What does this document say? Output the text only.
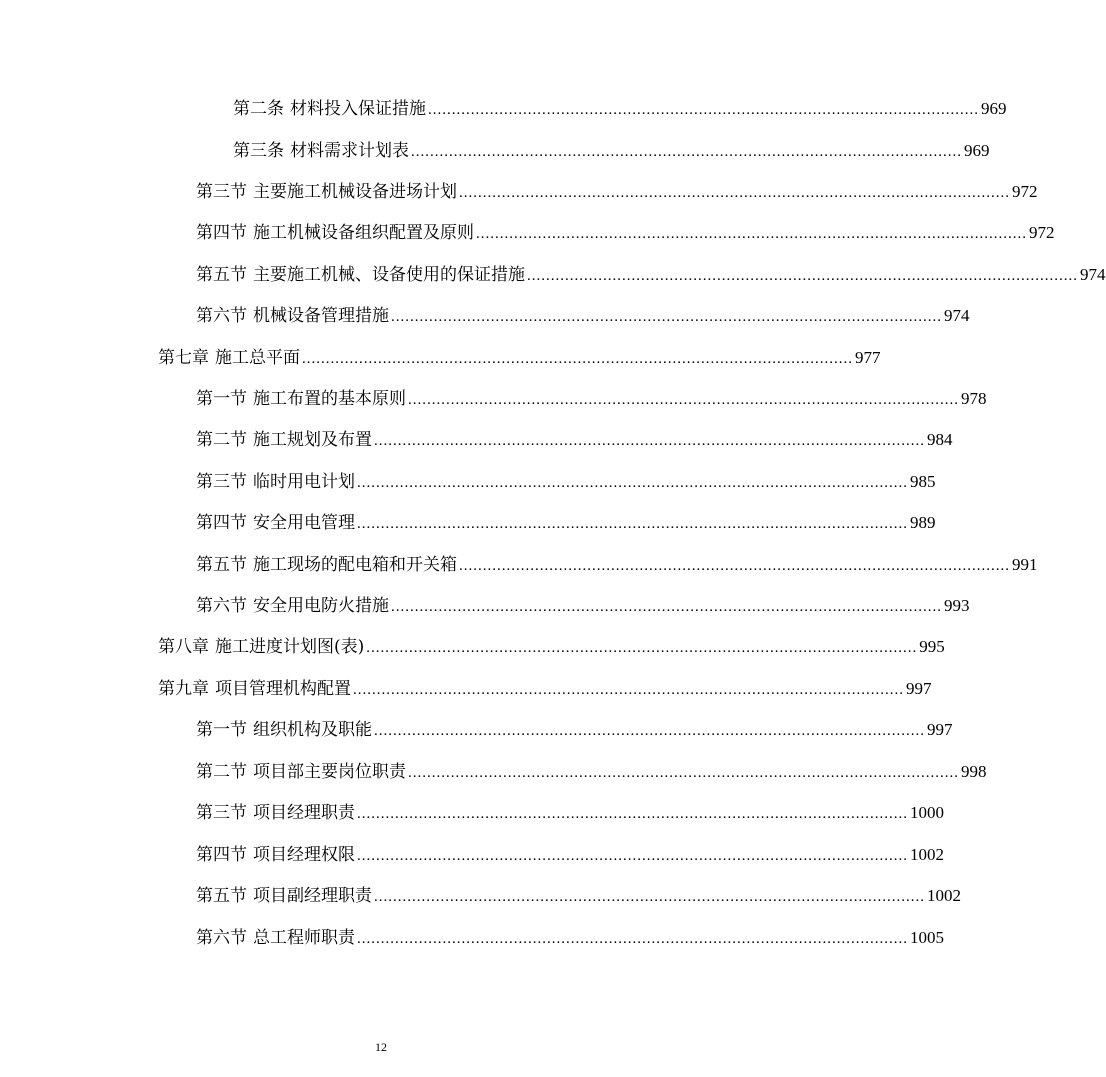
第二条 材料投入保证措施 .................................................................................................................... 969
第三条 材料需求计划表 .................................................................................................................... 969
第三节 主要施工机械设备进场计划 .................................................................................................................... 972
第四节 施工机械设备组织配置及原则 .................................................................................................................... 972
第五节 主要施工机械、设备使用的保证措施 .................................................................................................................... 974
第六节 机械设备管理措施 .................................................................................................................... 974
第七章 施工总平面 .................................................................................................................... 977
第一节 施工布置的基本原则 .................................................................................................................... 978
第二节 施工规划及布置 .................................................................................................................... 984
第三节 临时用电计划 .................................................................................................................... 985
第四节 安全用电管理 .................................................................................................................... 989
第五节 施工现场的配电箱和开关箱 .................................................................................................................... 991
第六节 安全用电防火措施 .................................................................................................................... 993
第八章 施工进度计划图(表) .................................................................................................................... 995
第九章 项目管理机构配置 .................................................................................................................... 997
第一节 组织机构及职能 .................................................................................................................... 997
第二节 项目部主要岗位职责 .................................................................................................................... 998
第三节 项目经理职责 .................................................................................................................... 1000
第四节 项目经理权限 .................................................................................................................... 1002
第五节 项目副经理职责 .................................................................................................................... 1002
第六节 总工程师职责 .................................................................................................................... 1005
12
